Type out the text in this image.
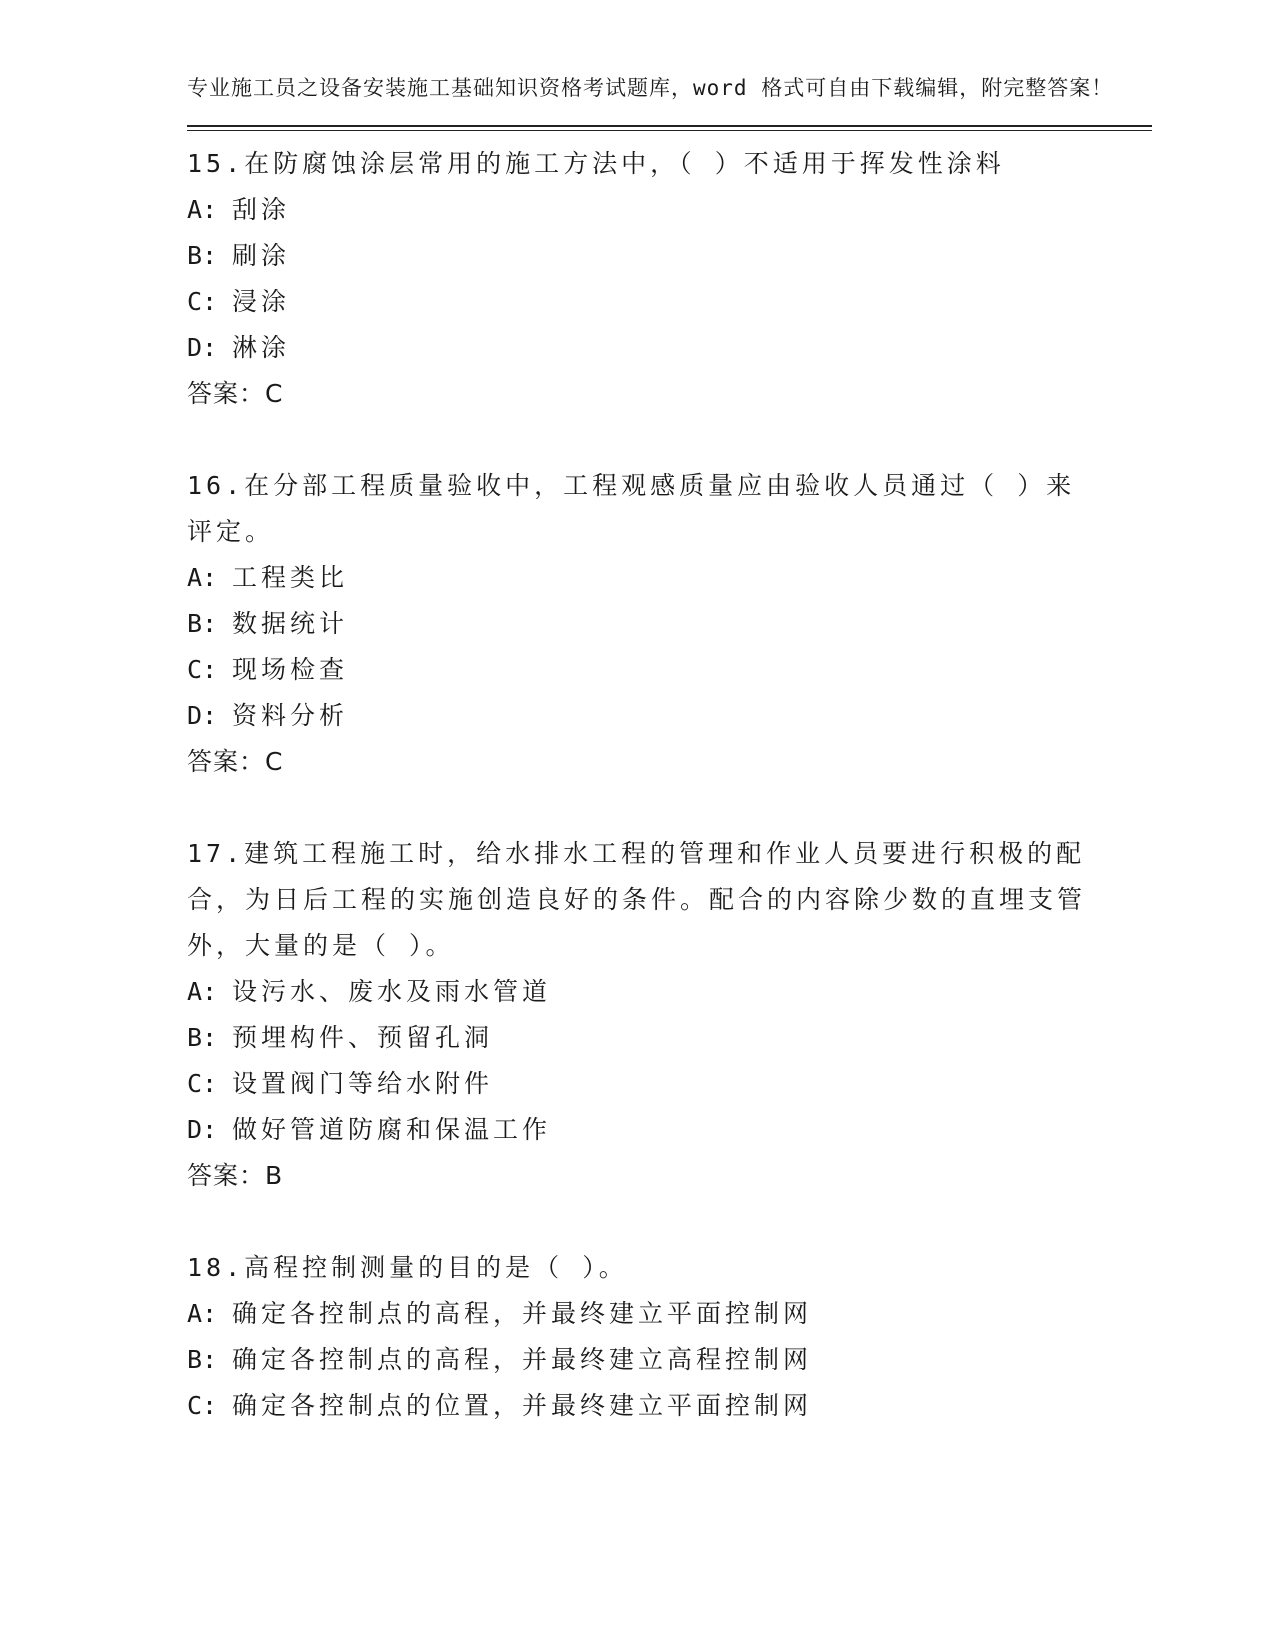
专业施工员之设备安装施工基础知识资格考试题库，word 格式可自由下载编辑，附完整答案！
15.在防腐蚀涂层常用的施工方法中，（ ）不适用于挥发性涂料
A: 刮涂
B: 刷涂
C: 浸涂
D: 淋涂
答案：C
16.在分部工程质量验收中，工程观感质量应由验收人员通过（ ）来评定。
A: 工程类比
B: 数据统计
C: 现场检查
D: 资料分析
答案：C
17.建筑工程施工时，给水排水工程的管理和作业人员要进行积极的配合，为日后工程的实施创造良好的条件。配合的内容除少数的直埋支管外，大量的是（ ）。
A: 设污水、废水及雨水管道
B: 预埋构件、预留孔洞
C: 设置阀门等给水附件
D: 做好管道防腐和保温工作
答案：B
18.高程控制测量的目的是（ ）。
A: 确定各控制点的高程，并最终建立平面控制网
B: 确定各控制点的高程，并最终建立高程控制网
C: 确定各控制点的位置，并最终建立平面控制网
